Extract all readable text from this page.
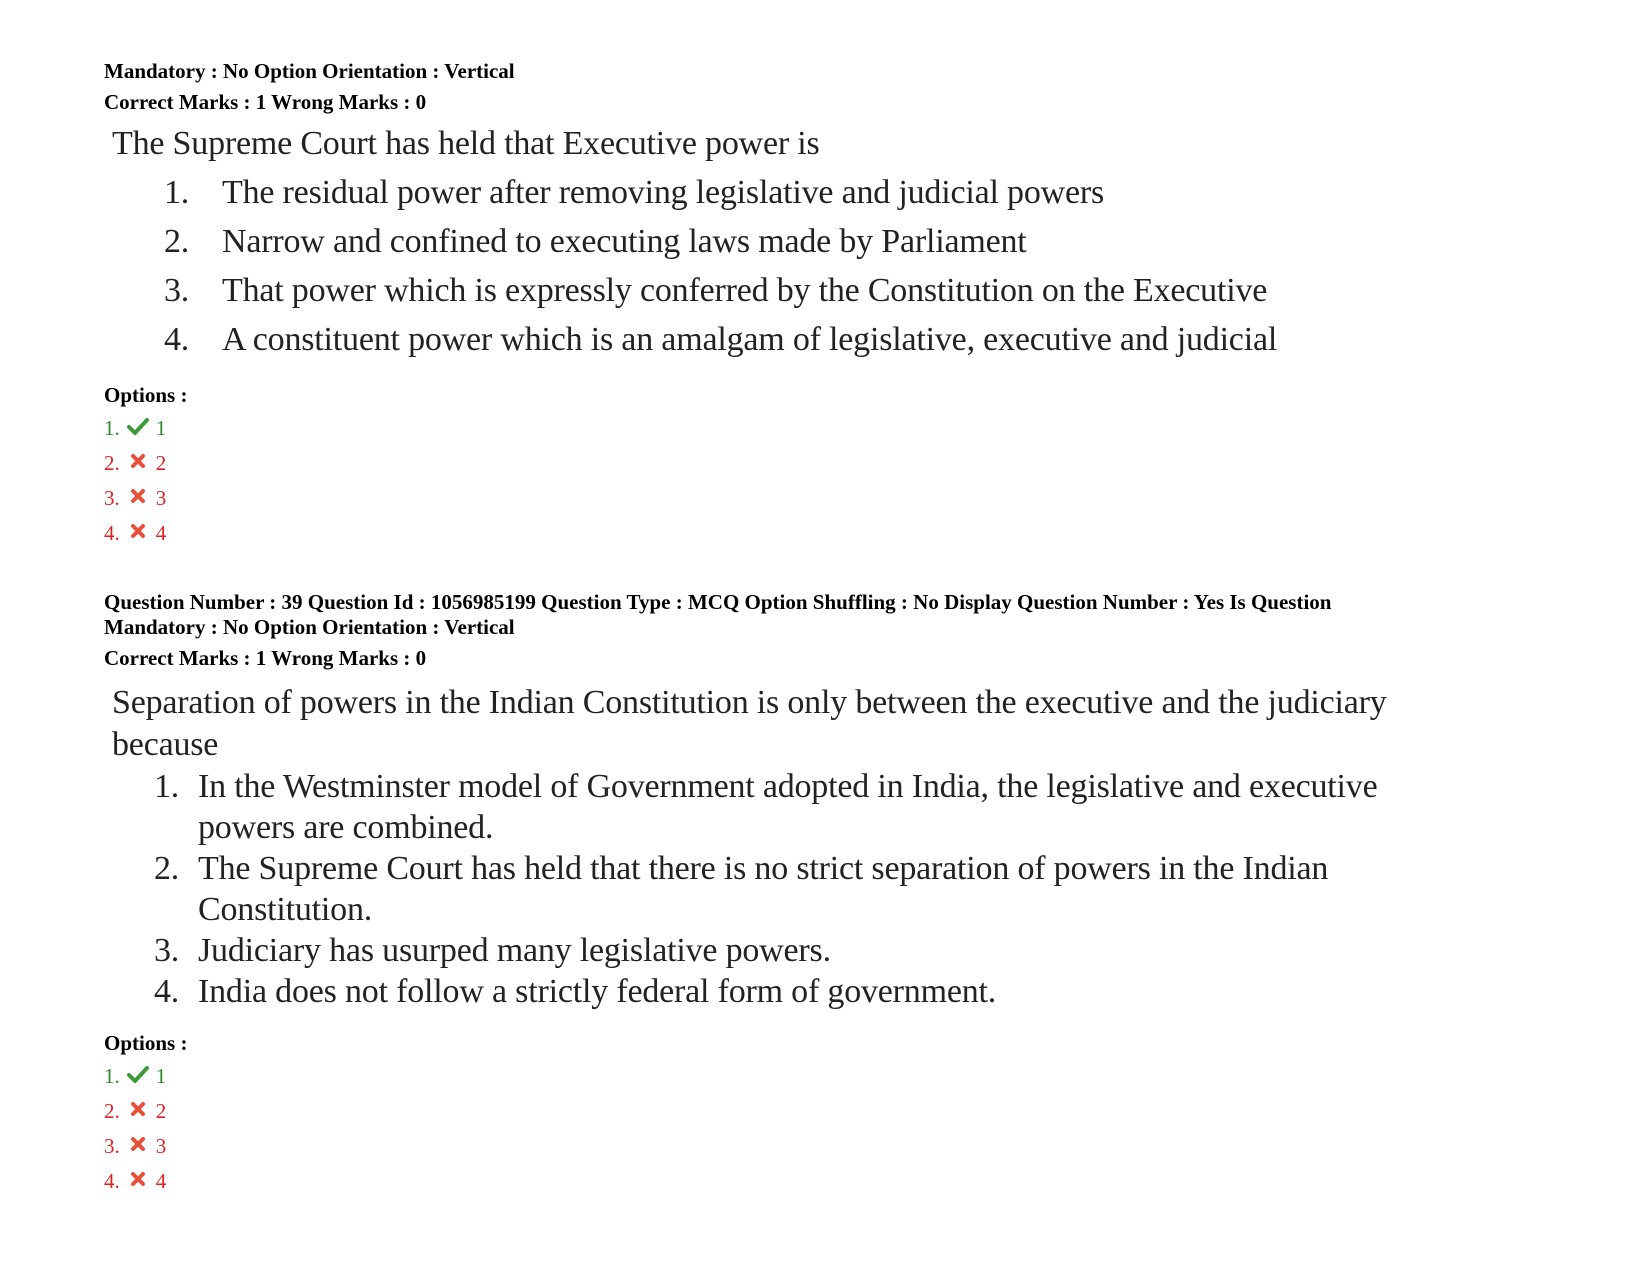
Mandatory : No Option Orientation : Vertical
Correct Marks : 1 Wrong Marks : 0
The Supreme Court has held that Executive power is
1. The residual power after removing legislative and judicial powers
2. Narrow and confined to executing laws made by Parliament
3. That power which is expressly conferred by the Constitution on the Executive
4. A constituent power which is an amalgam of legislative, executive and judicial
Options :
1. 1
2. 2
3. 3
4. 4
Question Number : 39 Question Id : 1056985199 Question Type : MCQ Option Shuffling : No Display Question Number : Yes Is Question
Mandatory : No Option Orientation : Vertical
Correct Marks : 1 Wrong Marks : 0
Separation of powers in the Indian Constitution is only between the executive and the judiciary because
1. In the Westminster model of Government adopted in India, the legislative and executive powers are combined.
2. The Supreme Court has held that there is no strict separation of powers in the Indian Constitution.
3. Judiciary has usurped many legislative powers.
4. India does not follow a strictly federal form of government.
Options :
1. 1
2. 2
3. 3
4. 4
